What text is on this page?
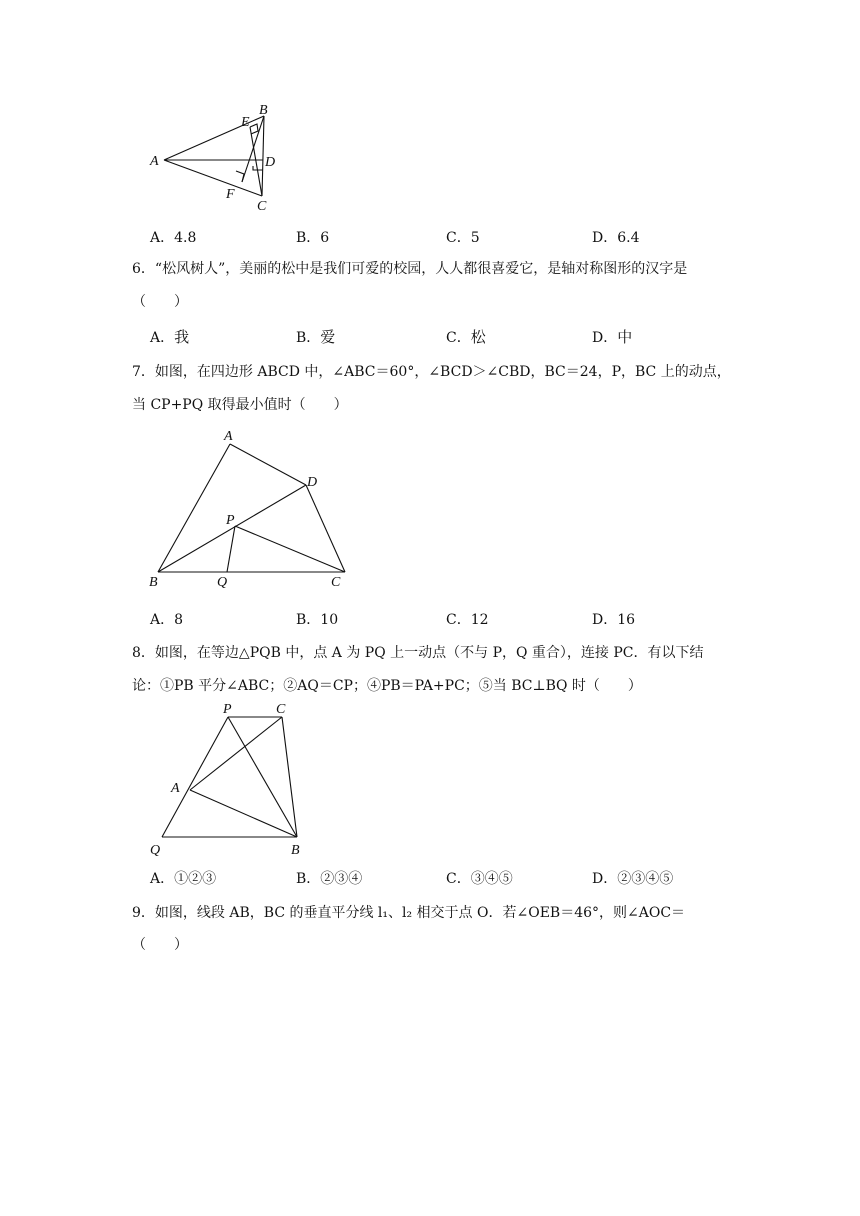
A
B
E
D
F
C
A．4.8	B．6	C．5	D．6.4
6．“松风树人”，美丽的松中是我们可爱的校园，人人都很喜爱它，是轴对称图形的汉字是
（　　）
A．我	B．爱	C．松	D．中
7．如图，在四边形 ABCD 中，∠ABC＝60°，∠BCD＞∠CBD，BC＝24，P，BC 上的动点，
当 CP+PQ 取得最小值时（　　）
A
D
P
B	Q	C
A．8	B．10	C．12	D．16
8．如图，在等边△PQB 中，点 A 为 PQ 上一动点（不与 P，Q 重合），连接 PC．有以下结
论：①PB 平分∠ABC；②AQ＝CP；④PB＝PA+PC；⑤当 BC⊥BQ 时（　　）
P	C
A
Q	B
A．①②③	B．②③④	C．③④⑤	D．②③④⑤
9．如图，线段 AB，BC 的垂直平分线 l₁、l₂ 相交于点 O．若∠OEB＝46°，则∠AOC＝
（　　）
